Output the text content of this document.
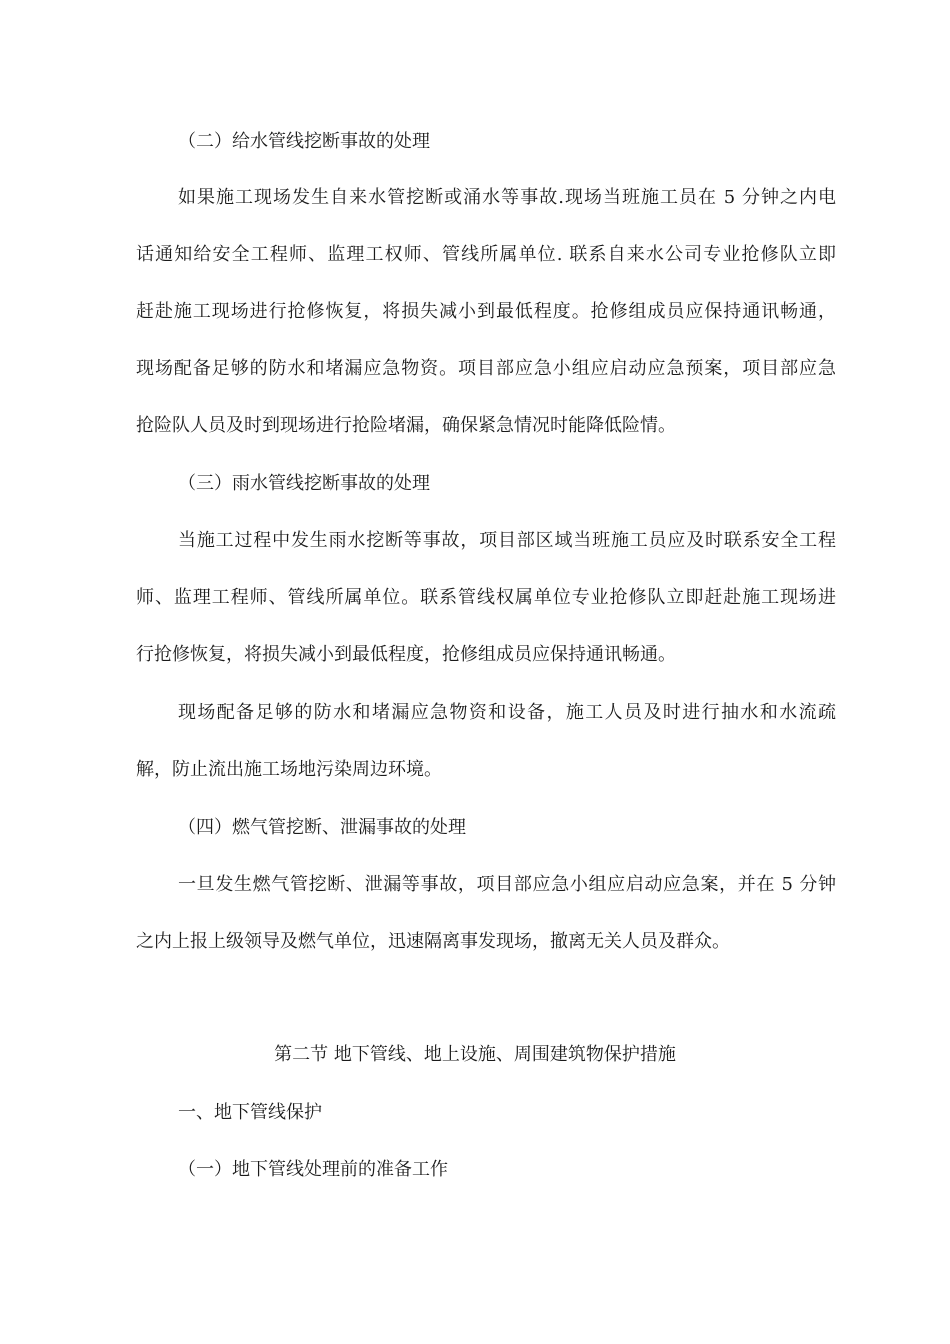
（二）给水管线挖断事故的处理
如果施工现场发生自来水管挖断或涌水等事故.现场当班施工员在 5 分钟之内电
话通知给安全工程师、监理工权师、管线所属单位. 联系自来水公司专业抢修队立即
赶赴施工现场进行抢修恢复，将损失减小到最低程度。抢修组成员应保持通讯畅通，
现场配备足够的防水和堵漏应急物资。项目部应急小组应启动应急预案，项目部应急
抢险队人员及时到现场进行抢险堵漏，确保紧急情况时能降低险情。
（三）雨水管线挖断事故的处理
当施工过程中发生雨水挖断等事故，项目部区域当班施工员应及时联系安全工程
师、监理工程师、管线所属单位。联系管线权属单位专业抢修队立即赶赴施工现场进
行抢修恢复，将损失减小到最低程度，抢修组成员应保持通讯畅通。
现场配备足够的防水和堵漏应急物资和设备，施工人员及时进行抽水和水流疏
解，防止流出施工场地污染周边环境。
（四）燃气管挖断、泄漏事故的处理
一旦发生燃气管挖断、泄漏等事故，项目部应急小组应启动应急案，并在 5 分钟
之内上报上级领导及燃气单位，迅速隔离事发现场，撤离无关人员及群众。
第二节 地下管线、地上设施、周围建筑物保护措施
一、地下管线保护
（一）地下管线处理前的准备工作
